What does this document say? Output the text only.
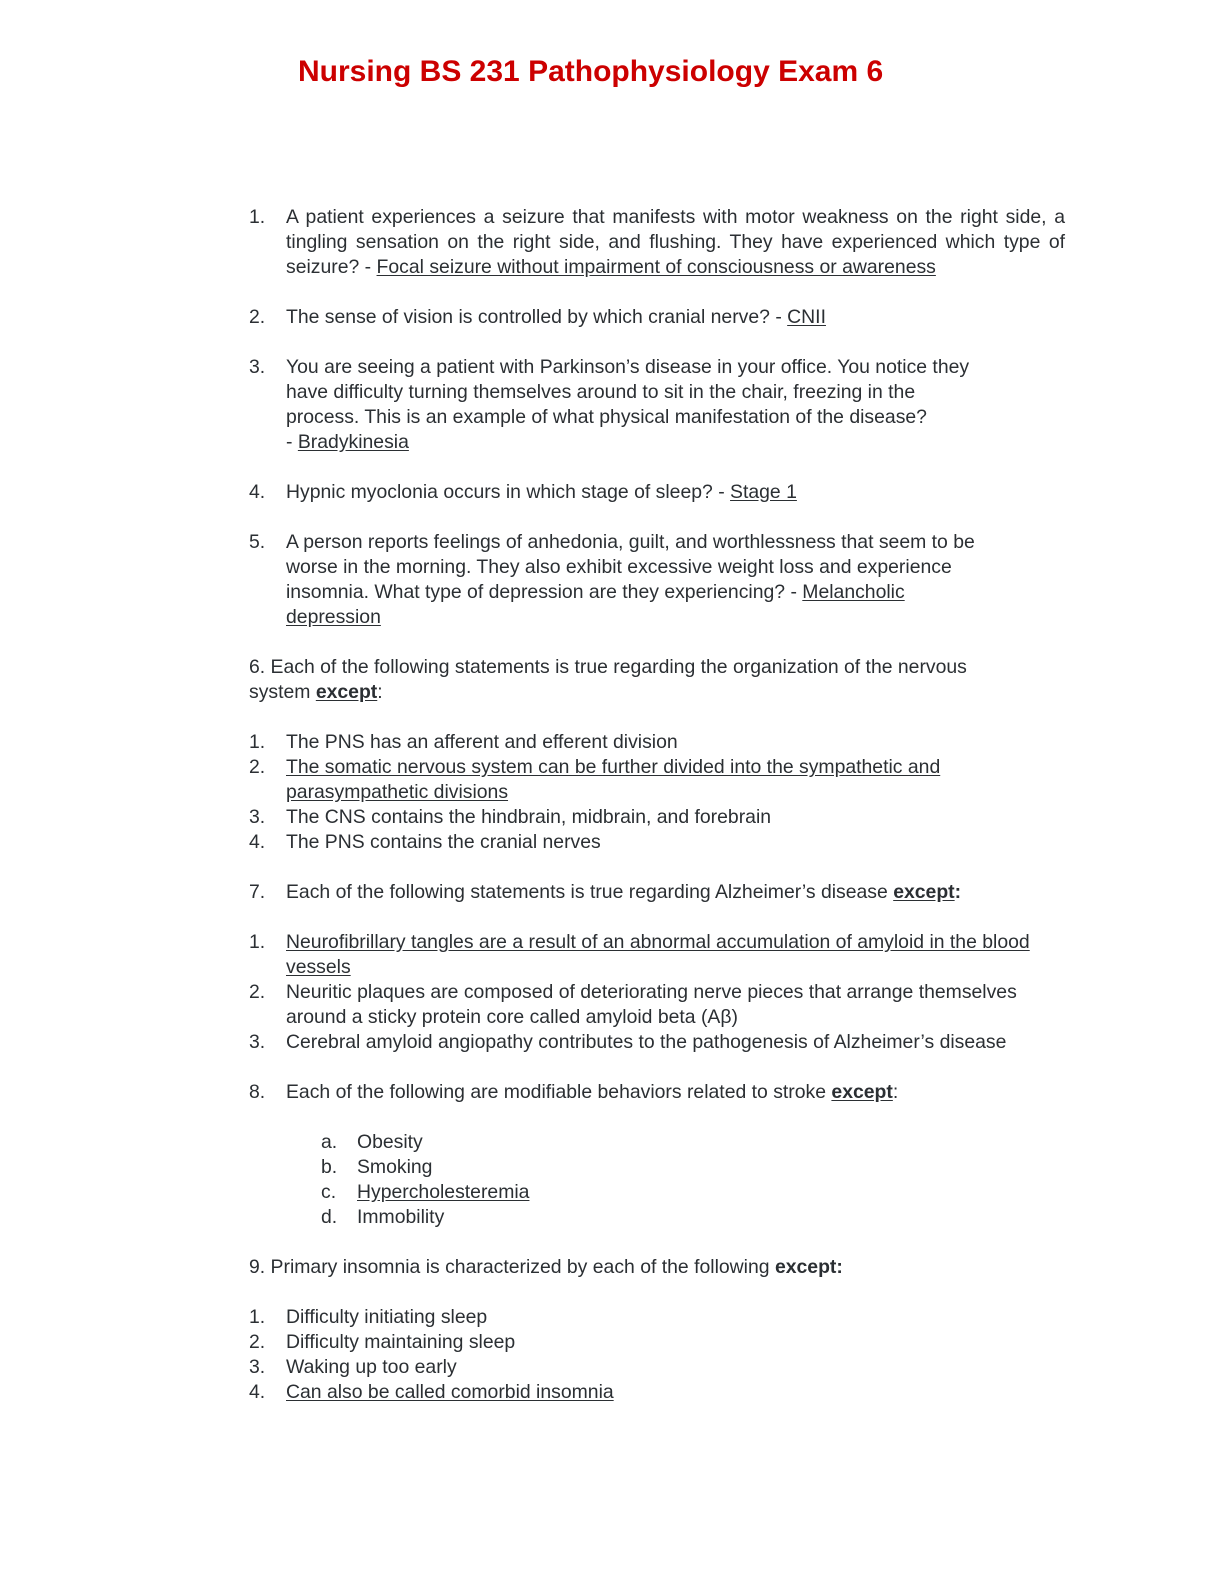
Nursing BS 231 Pathophysiology Exam 6
1. A patient experiences a seizure that manifests with motor weakness on the right side, a tingling sensation on the right side, and flushing. They have experienced which type of seizure? - Focal seizure without impairment of consciousness or awareness
2. The sense of vision is controlled by which cranial nerve? - CNII
3. You are seeing a patient with Parkinson’s disease in your office. You notice they
have difficulty turning themselves around to sit in the chair, freezing in the
process. This is an example of what physical manifestation of the disease?
- Bradykinesia
4. Hypnic myoclonia occurs in which stage of sleep? - Stage 1
5. A person reports feelings of anhedonia, guilt, and worthlessness that seem to be
worse in the morning. They also exhibit excessive weight loss and experience
insomnia. What type of depression are they experiencing? - Melancholic
depression
6. Each of the following statements is true regarding the organization of the nervous
system except:
1. The PNS has an afferent and efferent division
2. The somatic nervous system can be further divided into the sympathetic and parasympathetic divisions
3. The CNS contains the hindbrain, midbrain, and forebrain
4. The PNS contains the cranial nerves
7. Each of the following statements is true regarding Alzheimer’s disease except:
1. Neurofibrillary tangles are a result of an abnormal accumulation of amyloid in the blood vessels
2. Neuritic plaques are composed of deteriorating nerve pieces that arrange themselves around a sticky protein core called amyloid beta (Aβ)
3. Cerebral amyloid angiopathy contributes to the pathogenesis of Alzheimer’s disease
8. Each of the following are modifiable behaviors related to stroke except:
a. Obesity
b. Smoking
c. Hypercholesteremia
d. Immobility
9. Primary insomnia is characterized by each of the following except:
1. Difficulty initiating sleep
2. Difficulty maintaining sleep
3. Waking up too early
4. Can also be called comorbid insomnia
